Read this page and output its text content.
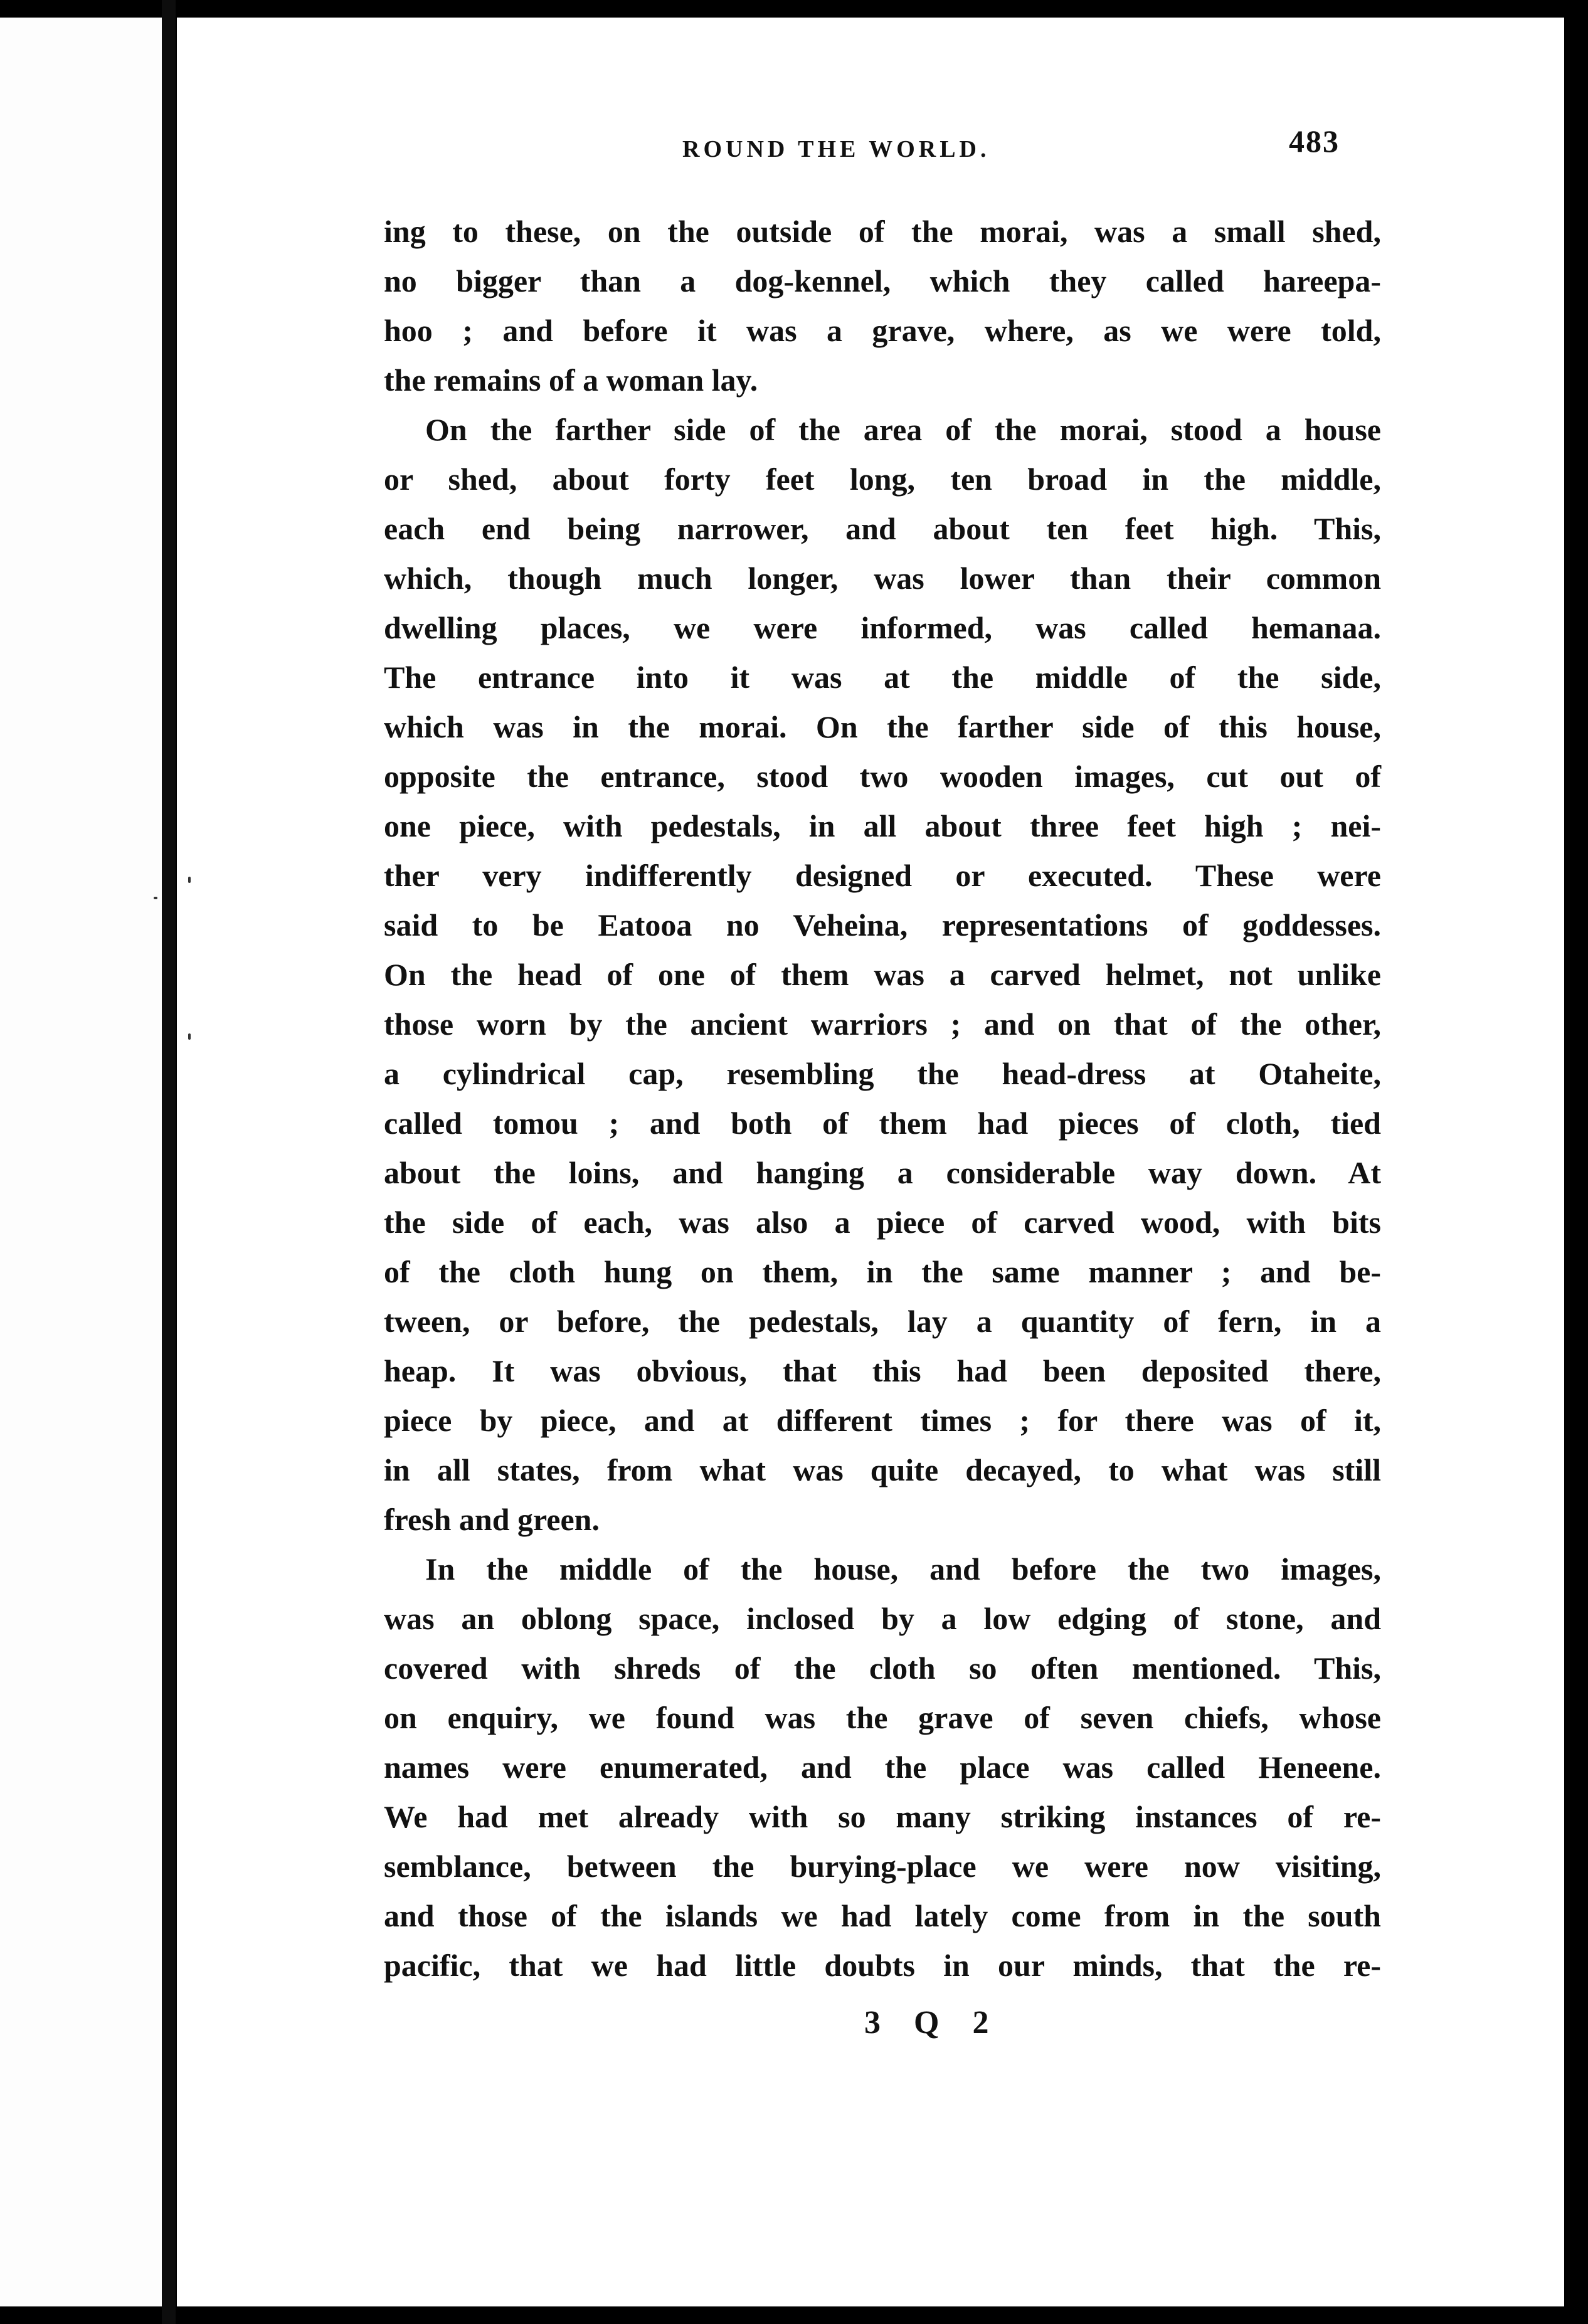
ROUND THE WORLD.	483
ing to these, on the outside of the morai, was a small shed,
no bigger than a dog-kennel, which they called hareepa-
hoo ; and before it was a grave, where, as we were told,
the remains of a woman lay.
On the farther side of the area of the morai, stood a house
or shed, about forty feet long, ten broad in the middle,
each end being narrower, and about ten feet high. This,
which, though much longer, was lower than their common
dwelling places, we were informed, was called hemanaa.
The entrance into it was at the middle of the side,
which was in the morai. On the farther side of this house,
opposite the entrance, stood two wooden images, cut out of
one piece, with pedestals, in all about three feet high ; nei-
ther very indifferently designed or executed. These were
said to be Eatooa no Veheina, representations of goddesses.
On the head of one of them was a carved helmet, not unlike
those worn by the ancient warriors ; and on that of the other,
a cylindrical cap, resembling the head-dress at Otaheite,
called tomou ; and both of them had pieces of cloth, tied
about the loins, and hanging a considerable way down. At
the side of each, was also a piece of carved wood, with bits
of the cloth hung on them, in the same manner ; and be-
tween, or before, the pedestals, lay a quantity of fern, in a
heap. It was obvious, that this had been deposited there,
piece by piece, and at different times ; for there was of it,
in all states, from what was quite decayed, to what was still
fresh and green.
In the middle of the house, and before the two images,
was an oblong space, inclosed by a low edging of stone, and
covered with shreds of the cloth so often mentioned. This,
on enquiry, we found was the grave of seven chiefs, whose
names were enumerated, and the place was called Heneene.
We had met already with so many striking instances of re-
semblance, between the burying-place we were now visiting,
and those of the islands we had lately come from in the south
pacific, that we had little doubts in our minds, that the re-
3 Q 2
